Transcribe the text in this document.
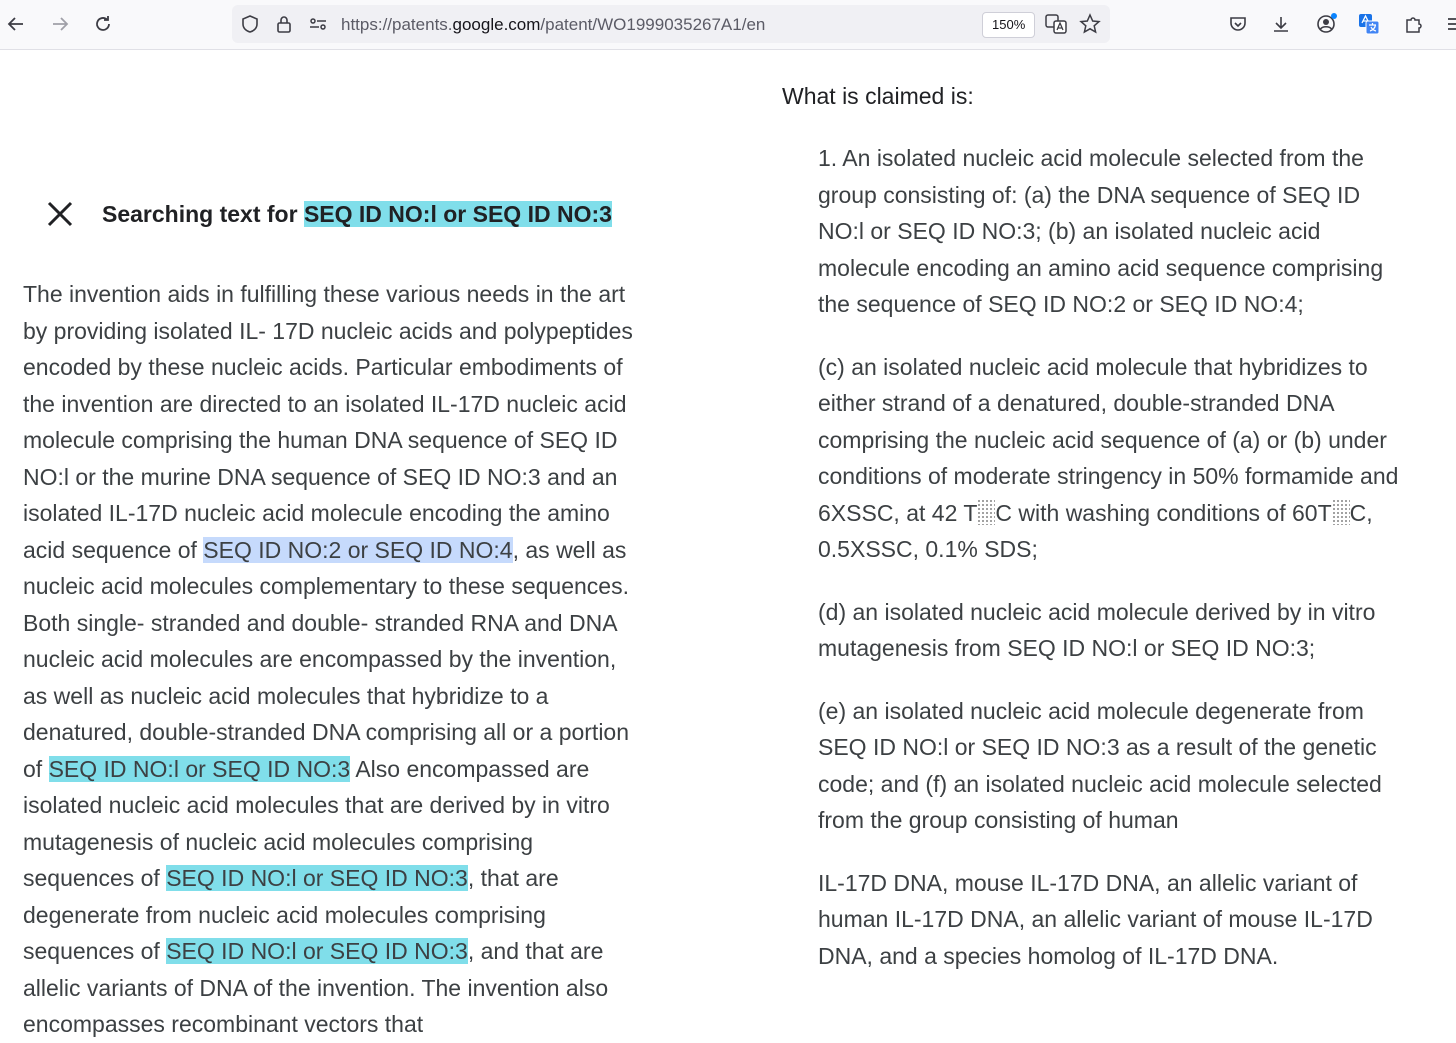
https://patents.google.com/patent/WO1999035267A1/en	150%
Searching text for SEQ ID NO:l or SEQ ID NO:3

The invention aids in fulfilling these various needs in the art by providing isolated IL- 17D nucleic acids and polypeptides encoded by these nucleic acids. Particular embodiments of the invention are directed to an isolated IL-17D nucleic acid molecule comprising the human DNA sequence of SEQ ID NO:l or the murine DNA sequence of SEQ ID NO:3 and an isolated IL-17D nucleic acid molecule encoding the amino acid sequence of SEQ ID NO:2 or SEQ ID NO:4, as well as nucleic acid molecules complementary to these sequences. Both single- stranded and double- stranded RNA and DNA nucleic acid molecules are encompassed by the invention, as well as nucleic acid molecules that hybridize to a denatured, double-stranded DNA comprising all or a portion of SEQ ID NO:l or SEQ ID NO:3 Also encompassed are isolated nucleic acid molecules that are derived by in vitro mutagenesis of nucleic acid molecules comprising sequences of SEQ ID NO:l or SEQ ID NO:3, that are degenerate from nucleic acid molecules comprising sequences of SEQ ID NO:l or SEQ ID NO:3, and that are allelic variants of DNA of the invention. The invention also encompasses recombinant vectors that

What is claimed is:

1. An isolated nucleic acid molecule selected from the group consisting of: (a) the DNA sequence of SEQ ID NO:l or SEQ ID NO:3; (b) an isolated nucleic acid molecule encoding an amino acid sequence comprising the sequence of SEQ ID NO:2 or SEQ ID NO:4;

(c) an isolated nucleic acid molecule that hybridizes to either strand of a denatured, double-stranded DNA comprising the nucleic acid sequence of (a) or (b) under conditions of moderate stringency in 50% formamide and 6XSSC, at 42 T C with washing conditions of 60T C, 0.5XSSC, 0.1% SDS;

(d) an isolated nucleic acid molecule derived by in vitro mutagenesis from SEQ ID NO:l or SEQ ID NO:3;

(e) an isolated nucleic acid molecule degenerate from SEQ ID NO:l or SEQ ID NO:3 as a result of the genetic code; and (f) an isolated nucleic acid molecule selected from the group consisting of human

IL-17D DNA, mouse IL-17D DNA, an allelic variant of human IL-17D DNA, an allelic variant of mouse IL-17D DNA, and a species homolog of IL-17D DNA.
